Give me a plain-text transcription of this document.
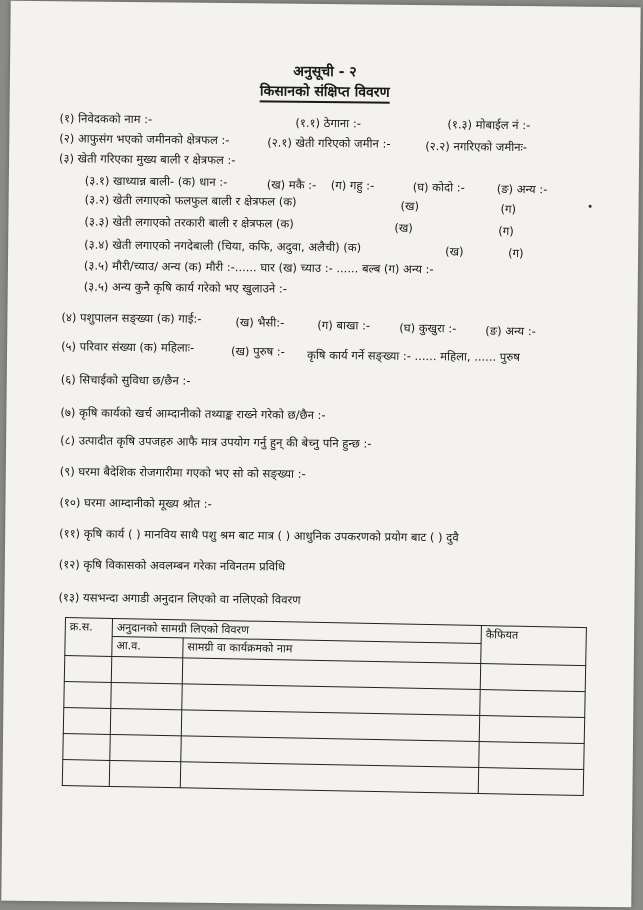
अनुसूची - २
किसानको संक्षिप्त विवरण
(१) निवेदकको नाम :-	(१.१) ठेगाना :-	(१.३) मोबाईल नं :-
(२) आफुसंग भएको जमीनको क्षेत्रफल :-	(२.१) खेती गरिएको जमीन :-	(२.२) नगरिएको जमीनः-
(३) खेती गरिएका मुख्य बाली र क्षेत्रफल :-
(३.१) खाध्यान्न बाली- (क) धान :-	(ख) मकै :- (ग) गहु :-	(घ) कोदो :-	(ङ) अन्य :-
(३.२) खेती लगाएको फलफुल बाली र क्षेत्रफल (क)	(ख)	(ग)
(३.३) खेती लगाएको तरकारी बाली र क्षेत्रफल (क)	(ख)	(ग)
(३.४) खेती लगाएको नगदेबाली (चिया, कफि, अदुवा, अलैची) (क)	(ख)	(ग)
(३.५) मौरी/च्याउ/ अन्य (क) मौरी :-...... घार (ख) च्याउ :- ...... बल्ब (ग) अन्य :-
(३.५) अन्य कुनै कृषि कार्य गरेको भए खुलाउने :-
(४) पशुपालन सङ्ख्या (क) गाई:-	(ख) भैसी:-	(ग) बाखा :-	(घ) कुखुरा :-	(ङ) अन्य :-
(५) परिवार संख्या (क) महिलाः-	(ख) पुरुष :- कृषि कार्य गर्ने सङ्ख्या :- ...... महिला, ...... पुरुष
(६) सिचाईको सुविधा छ/छैन :-
(७) कृषि कार्यको खर्च आम्दानीको तथ्याङ्क राख्ने गरेको छ/छैन :-
(८) उत्पादीत कृषि उपजहरु आफै मात्र उपयोग गर्नु हुन् की बेच्नु पनि हुन्छ :-
(९) घरमा बैदेशिक रोजगारीमा गएको भए सो को सङ्ख्या :-
(१०) घरमा आम्दानीको मूख्य श्रोत :-
(११) कृषि कार्य ( ) मानविय साथै पशु श्रम बाट मात्र ( ) आधुनिक उपकरणको प्रयोग बाट ( ) दुवै
(१२) कृषि विकासको अवलम्बन गरेका नविनतम प्रविधि
(१३) यसभन्दा अगाडी अनुदान लिएको वा नलिएको विवरण
क्र.स.	अनुदानको सामग्री लिएको विवरण		कैफियत
	आ.व.	सामग्री वा कार्यक्रमको नाम	
